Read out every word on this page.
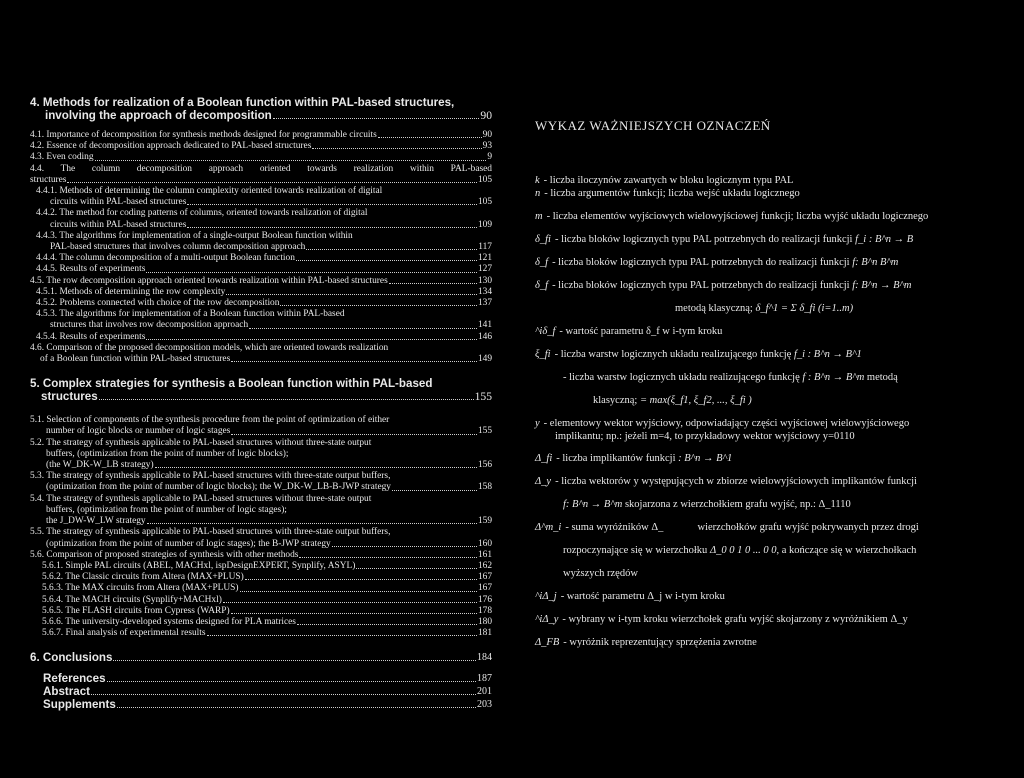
4. Methods for realization of a Boolean function within PAL-based structures,
involving the approach of decomposition	90
4.1. Importance of decomposition for synthesis methods designed for programmable circuits	90
4.2. Essence of decomposition approach dedicated to PAL-based structures	93
4.3. Even coding	9
4.4. The column decomposition approach oriented towards realization within PAL-based
structures	105
4.4.1. Methods of determining the column complexity oriented towards realization of digital
circuits within PAL-based structures	105
4.4.2. The method for coding patterns of columns, oriented towards realization of digital
circuits within PAL-based structures	109
4.4.3. The algorithms for implementation of a single-output Boolean function within
PAL-based structures that involves column decomposition approach	117
4.4.4. The column decomposition of a multi-output Boolean function	121
4.4.5. Results of experiments	127
4.5. The row decomposition approach oriented towards realization within PAL-based structures	130
4.5.1. Methods of determining the row complexity	134
4.5.2. Problems connected with choice of the row decomposition	137
4.5.3. The algorithms for implementation of a Boolean function within PAL-based
structures that involves row decomposition approach	141
4.5.4. Results of experiments	146
4.6. Comparison of the proposed decomposition models, which are oriented towards realization
of a Boolean function within PAL-based structures	149
5. Complex strategies for synthesis a Boolean function within PAL-based
structures	155
5.1. Selection of components of the synthesis procedure from the point of optimization of either
number of logic blocks or number of logic stages	155
5.2. The strategy of synthesis applicable to PAL-based structures without three-state output
buffers, (optimization from the point of number of logic blocks);
(the W_DK-W_LB strategy)	156
5.3. The strategy of synthesis applicable to PAL-based structures with three-state output buffers,
(optimization from the point of number of logic blocks); the W_DK-W_LB-B-JWP strategy	158
5.4. The strategy of synthesis applicable to PAL-based structures without three-state output
buffers, (optimization from the point of number of logic stages);
the J_DW-W_LW strategy	159
5.5. The strategy of synthesis applicable to PAL-based structures with three-state output buffers,
(optimization from the point of number of logic stages); the B-JWP strategy	160
5.6. Comparison of proposed strategies of synthesis with other methods	161
5.6.1. Simple PAL circuits (ABEL, MACHxl, ispDesignEXPERT, Synplify, ASYL)	162
5.6.2. The Classic circuits from Altera (MAX+PLUS)	167
5.6.3. The MAX circuits from Altera (MAX+PLUS)	167
5.6.4. The MACH circuits (Synplify+MACHxl)	176
5.6.5. The FLASH circuits from Cypress (WARP)	178
5.6.6. The university-developed systems designed for PLA matrices	180
5.6.7. Final analysis of experimental results	181
6. Conclusions	184
References	187
Abstract	201
Supplements	203
WYKAZ WAŻNIEJSZYCH OZNACZEŃ
k - liczba iloczynów zawartych w bloku logicznym typu PAL
n - liczba argumentów funkcji; liczba wejść układu logicznego
m - liczba elementów wyjściowych wielowyjściowej funkcji; liczba wyjść układu logicznego
δ_fi - liczba bloków logicznych typu PAL potrzebnych do realizacji funkcji f_i : B^n → B
δ_f - liczba bloków logicznych typu PAL potrzebnych do realizacji funkcji f: B^n B^m
δ_f - liczba bloków logicznych typu PAL potrzebnych do realizacji funkcji f: B^n → B^m
metodą klasyczną; δ_f^1 = Σ δ_fi (i=1..m)
^iδ_f - wartość parametru δ_f w i-tym kroku
ξ_fi - liczba warstw logicznych układu realizującego funkcję f_i : B^n → B^1
- liczba warstw logicznych układu realizującego funkcję f : B^n → B^m metodą
klasyczną; = max(ξ_f1, ξ_f2, ..., ξ_fi )
y - elementowy wektor wyjściowy, odpowiadający części wyjściowej wielowyjściowego
implikantu; np.: jeżeli m=4, to przykładowy wektor wyjściowy y=0110
Δ_fi - liczba implikantów funkcji : B^n → B^1
Δ_y - liczba wektorów y występujących w zbiorze wielowyjściowych implikantów funkcji
f: B^n → B^m skojarzona z wierzchołkiem grafu wyjść, np.: Δ_1110
Δ^m_i - suma wyróżników Δ_	wierzchołków grafu wyjść pokrywanych przez drogi
rozpoczynające się w wierzchołku Δ_0 0 1 0 ... 0 0, a kończące się w wierzchołkach
wyższych rzędów
^iΔ_j - wartość parametru Δ_j w i-tym kroku
^iΔ_y - wybrany w i-tym kroku wierzchołek grafu wyjść skojarzony z wyróżnikiem Δ_y
Δ_FB - wyróżnik reprezentujący sprzężenia zwrotne
